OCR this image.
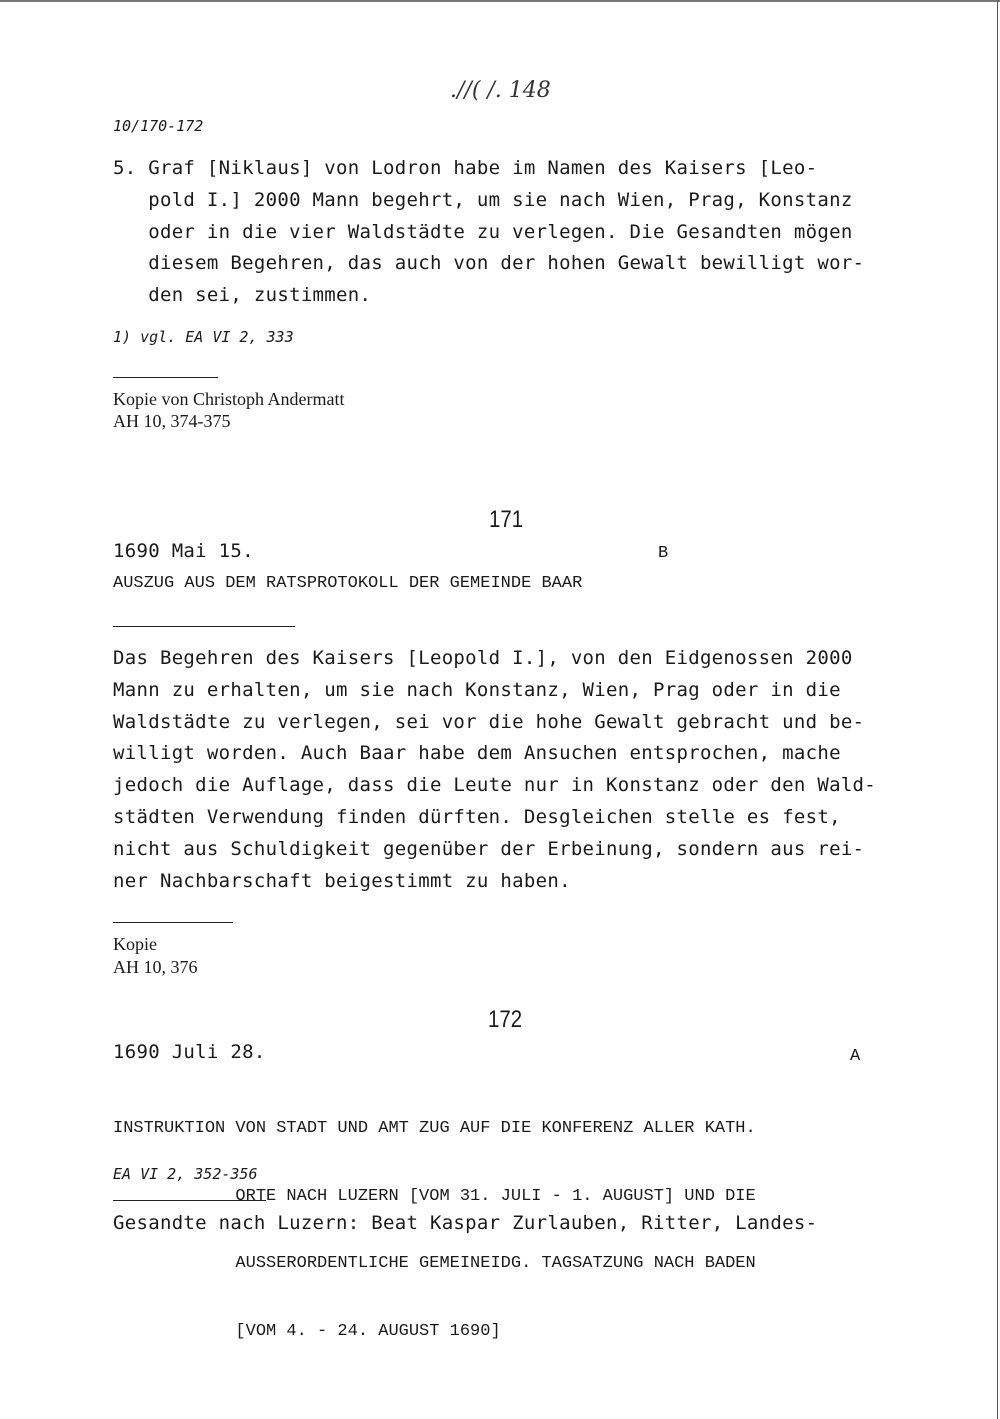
.//( /. 148
10/170-172
5. Graf [Niklaus] von Lodron habe im Namen des Kaisers [Leo-
pold I.] 2000 Mann begehrt, um sie nach Wien, Prag, Konstanz
oder in die vier Waldstädte zu verlegen. Die Gesandten mögen
diesem Begehren, das auch von der hohen Gewalt bewilligt wor-
den sei, zustimmen.
1) vgl. EA VI 2, 333
Kopie von Christoph Andermatt
AH 10, 374-375
171
1690 Mai 15.	B
AUSZUG AUS DEM RATSPROTOKOLL DER GEMEINDE BAAR
Das Begehren des Kaisers [Leopold I.], von den Eidgenossen 2000
Mann zu erhalten, um sie nach Konstanz, Wien, Prag oder in die
Waldstädte zu verlegen, sei vor die hohe Gewalt gebracht und be-
willigt worden. Auch Baar habe dem Ansuchen entsprochen, mache
jedoch die Auflage, dass die Leute nur in Konstanz oder den Wald-
städten Verwendung finden dürften. Desgleichen stelle es fest,
nicht aus Schuldigkeit gegenüber der Erbeinung, sondern aus rei-
ner Nachbarschaft beigestimmt zu haben.
Kopie
AH 10, 376
172
1690 Juli 28.	A

INSTRUKTION VON STADT UND AMT ZUG AUF DIE KONFERENZ ALLER KATH.

ORTE NACH LUZERN [VOM 31. JULI - 1. AUGUST] UND DIE

AUSSERORDENTLICHE GEMEINEIDG. TAGSATZUNG NACH BADEN

[VOM 4. - 24. AUGUST 1690]

EA VI 2, 352-356
Gesandte nach Luzern: Beat Kaspar Zurlauben, Ritter, Landes-
